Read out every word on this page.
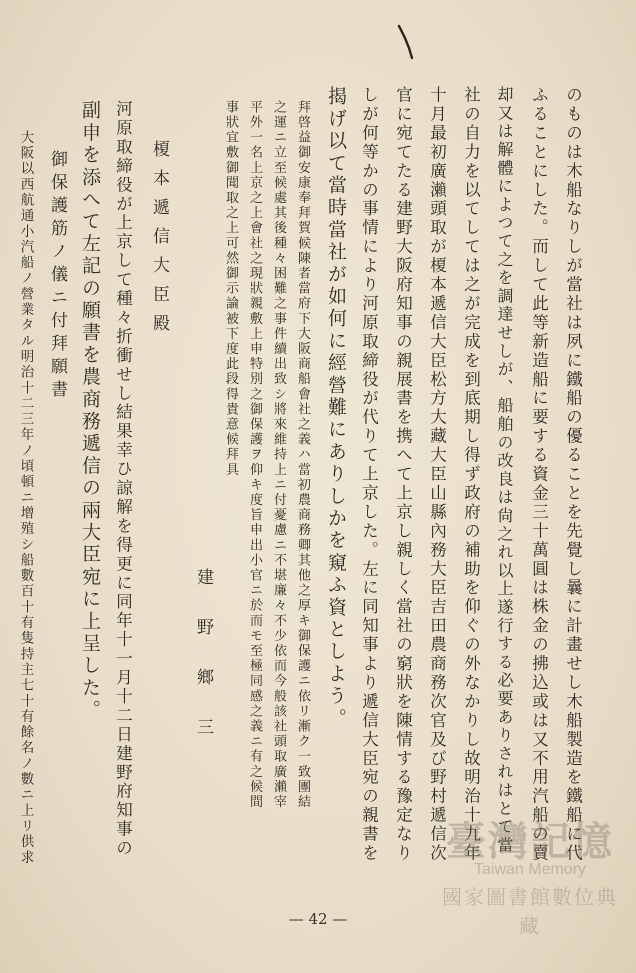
のものは木船なりしが當社は夙に鐵船の優ることを先覺し曩に計畫せし木船製造を鐵船に代
ふることにした。而して此等新造船に要する資金三十萬圓は株金の拂込或は又不用汽船の賣
却又は解體によつて之を調達せしが、船舶の改良は尙之れ以上遂行する必要ありされはとて當
社の自力を以てしては之が完成を到底期し得ず政府の補助を仰ぐの外なかりし故明治十九年
十月最初廣瀨頭取が榎本遞信大臣松方大藏大臣山縣內務大臣吉田農商務次官及び野村遞信次
官に宛てたる建野大阪府知事の親展書を携へて上京し親しく當社の窮狀を陳情する豫定なり
しが何等かの事情により河原取締役が代りて上京した。左に同知事より遞信大臣宛の親書を
揭げ以て當時當社が如何に經營難にありしかを窺ふ資としよう。
拜啓益御安康奉拜賀候陳者當府下大阪商船會社之義ハ當初農商務卿其他之厚キ御保護ニ依リ漸ク一致團結
之運ニ立至候處其後種々困難之事件續出致シ將來維持上ニ付憂慮ニ不堪廉々不少依而今般該社頭取廣瀨宰
平外一名上京之上會社之現狀親敷上申特別之御保護ヲ仰キ度旨申出小官ニ於而モ至極同感之義ニ有之候間
事狀宜敷御聞取之上可然御示論被下度此段得貴意候拜具
建　野　鄉　三
榎本遞信大臣殿
河原取締役が上京して種々折衝せし結果幸ひ諒解を得更に同年十一月十二日建野府知事の
副申を添へて左記の願書を農商務遞信の兩大臣宛に上呈した。
御保護筋ノ儀ニ付拜願書
大阪以西航通小汽船ノ營業タル明治十二三年ノ頃頓ニ增殖シ船數百十有隻持主七十有餘名ノ數ニ上リ供求
— 42 —
臺灣記憶
Taiwan Memory
國家圖書館數位典藏
